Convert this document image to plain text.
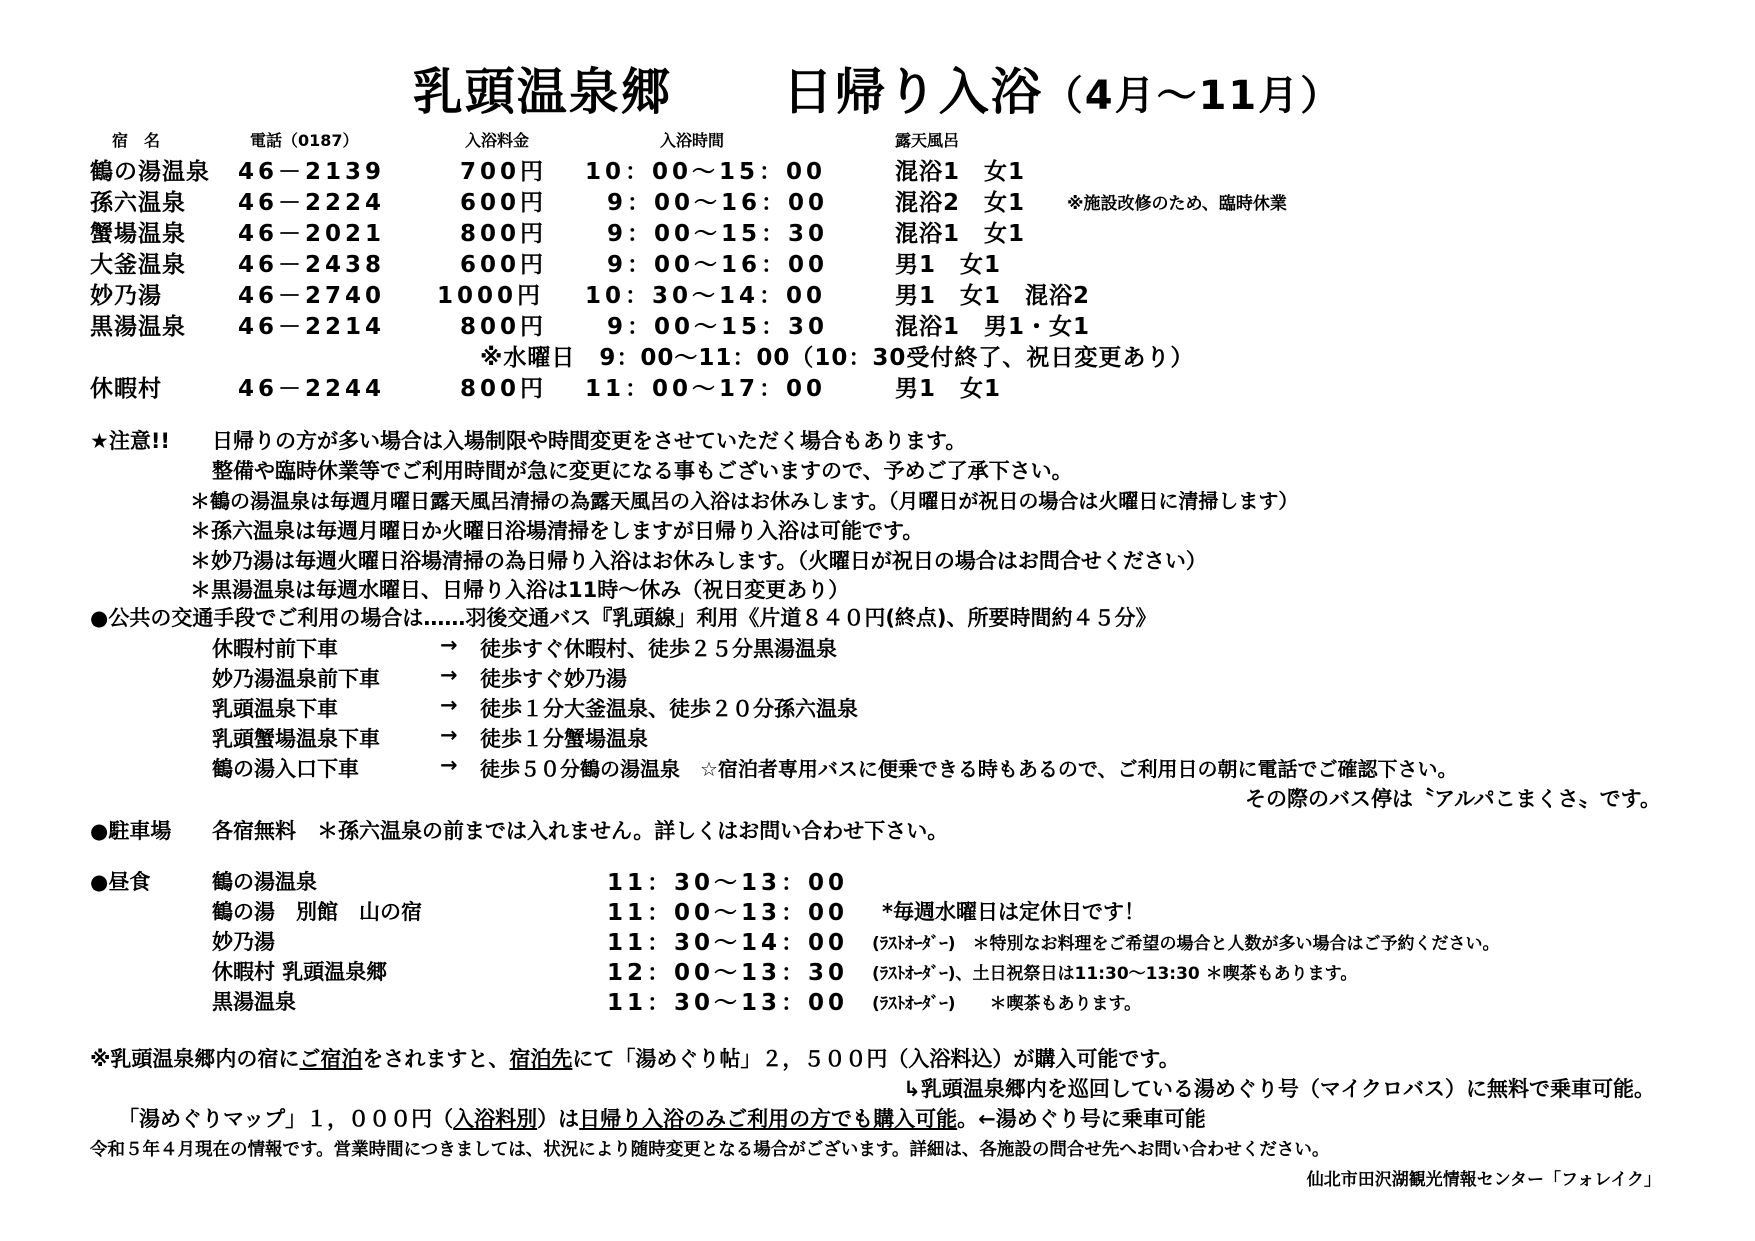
乳頭温泉郷 日帰り入浴（4月～11月）
宿　名	電話（0187）	入浴料金	入浴時間	露天風呂
鶴の湯温泉 46－2139	700円 10：00～15：00	混浴1　女1
孫六温泉 46－2224	600円	9：00～16：00	混浴2　女1 ※施設改修のため、臨時休業
蟹場温泉 46－2021	800円	9：00～15：30	混浴1　女1
大釜温泉 46－2438	600円	9：00～16：00	男1　女1
妙乃湯	46－2740 1000円 10：30～14：00	男1　女1　混浴2
黒湯温泉 46－2214	800円	9：00～15：30	混浴1　男1・女1
※水曜日　9：00～11：00（10：30受付終了、祝日変更あり）
休暇村	46－2244	800円 11：00～17：00	男1　女1
★注意!! 日帰りの方が多い場合は入場制限や時間変更をさせていただく場合もあります。
整備や臨時休業等でご利用時間が急に変更になる事もございますので、予めご了承下さい。
＊鶴の湯温泉は毎週月曜日露天風呂清掃の為露天風呂の入浴はお休みします。（月曜日が祝日の場合は火曜日に清掃します）
＊孫六温泉は毎週月曜日か火曜日浴場清掃をしますが日帰り入浴は可能です。
＊妙乃湯は毎週火曜日浴場清掃の為日帰り入浴はお休みします。（火曜日が祝日の場合はお問合せください）
＊黒湯温泉は毎週水曜日、日帰り入浴は11時～休み（祝日変更あり）
●公共の交通手段でご利用の場合は……羽後交通バス『乳頭線」利用《片道８４０円(終点)、所要時間約４５分》
休暇村前下車	→ 徒歩すぐ休暇村、徒歩２５分黒湯温泉
妙乃湯温泉前下車	→ 徒歩すぐ妙乃湯
乳頭温泉下車	→ 徒歩１分大釜温泉、徒歩２０分孫六温泉
乳頭蟹場温泉下車	→ 徒歩１分蟹場温泉
鶴の湯入口下車	→ 徒歩５０分鶴の湯温泉　☆宿泊者専用バスに便乗できる時もあるので、ご利用日の朝に電話でご確認下さい。
その際のバス停は〝アルパこまくさ〟です。
●駐車場 各宿無料　＊孫六温泉の前までは入れません。詳しくはお問い合わせ下さい。
●昼食	鶴の湯温泉	11：30～13：00
鶴の湯　別館　山の宿	11：00～13：00 *毎週水曜日は定休日です！
妙乃湯	11：30～14：00 (ﾗｽﾄｵｰﾀﾞｰ)　＊特別なお料理をご希望の場合と人数が多い場合はご予約ください。
休暇村 乳頭温泉郷	12：00～13：30 (ﾗｽﾄｵｰﾀﾞｰ)、土日祝祭日は11:30～13:30 ＊喫茶もあります。
黒湯温泉	11：30～13：00 (ﾗｽﾄｵｰﾀﾞｰ)　　＊喫茶もあります。
※乳頭温泉郷内の宿にご宿泊をされますと、宿泊先にて「湯めぐり帖」２，５００円（入浴料込）が購入可能です。
↳乳頭温泉郷内を巡回している湯めぐり号（マイクロバス）に無料で乗車可能。
「湯めぐりマップ」１，０００円（入浴料別）は日帰り入浴のみご利用の方でも購入可能。←湯めぐり号に乗車可能
令和５年４月現在の情報です。営業時間につきましては、状況により随時変更となる場合がございます。詳細は、各施設の問合せ先へお問い合わせください。
仙北市田沢湖観光情報センター「フォレイク」
